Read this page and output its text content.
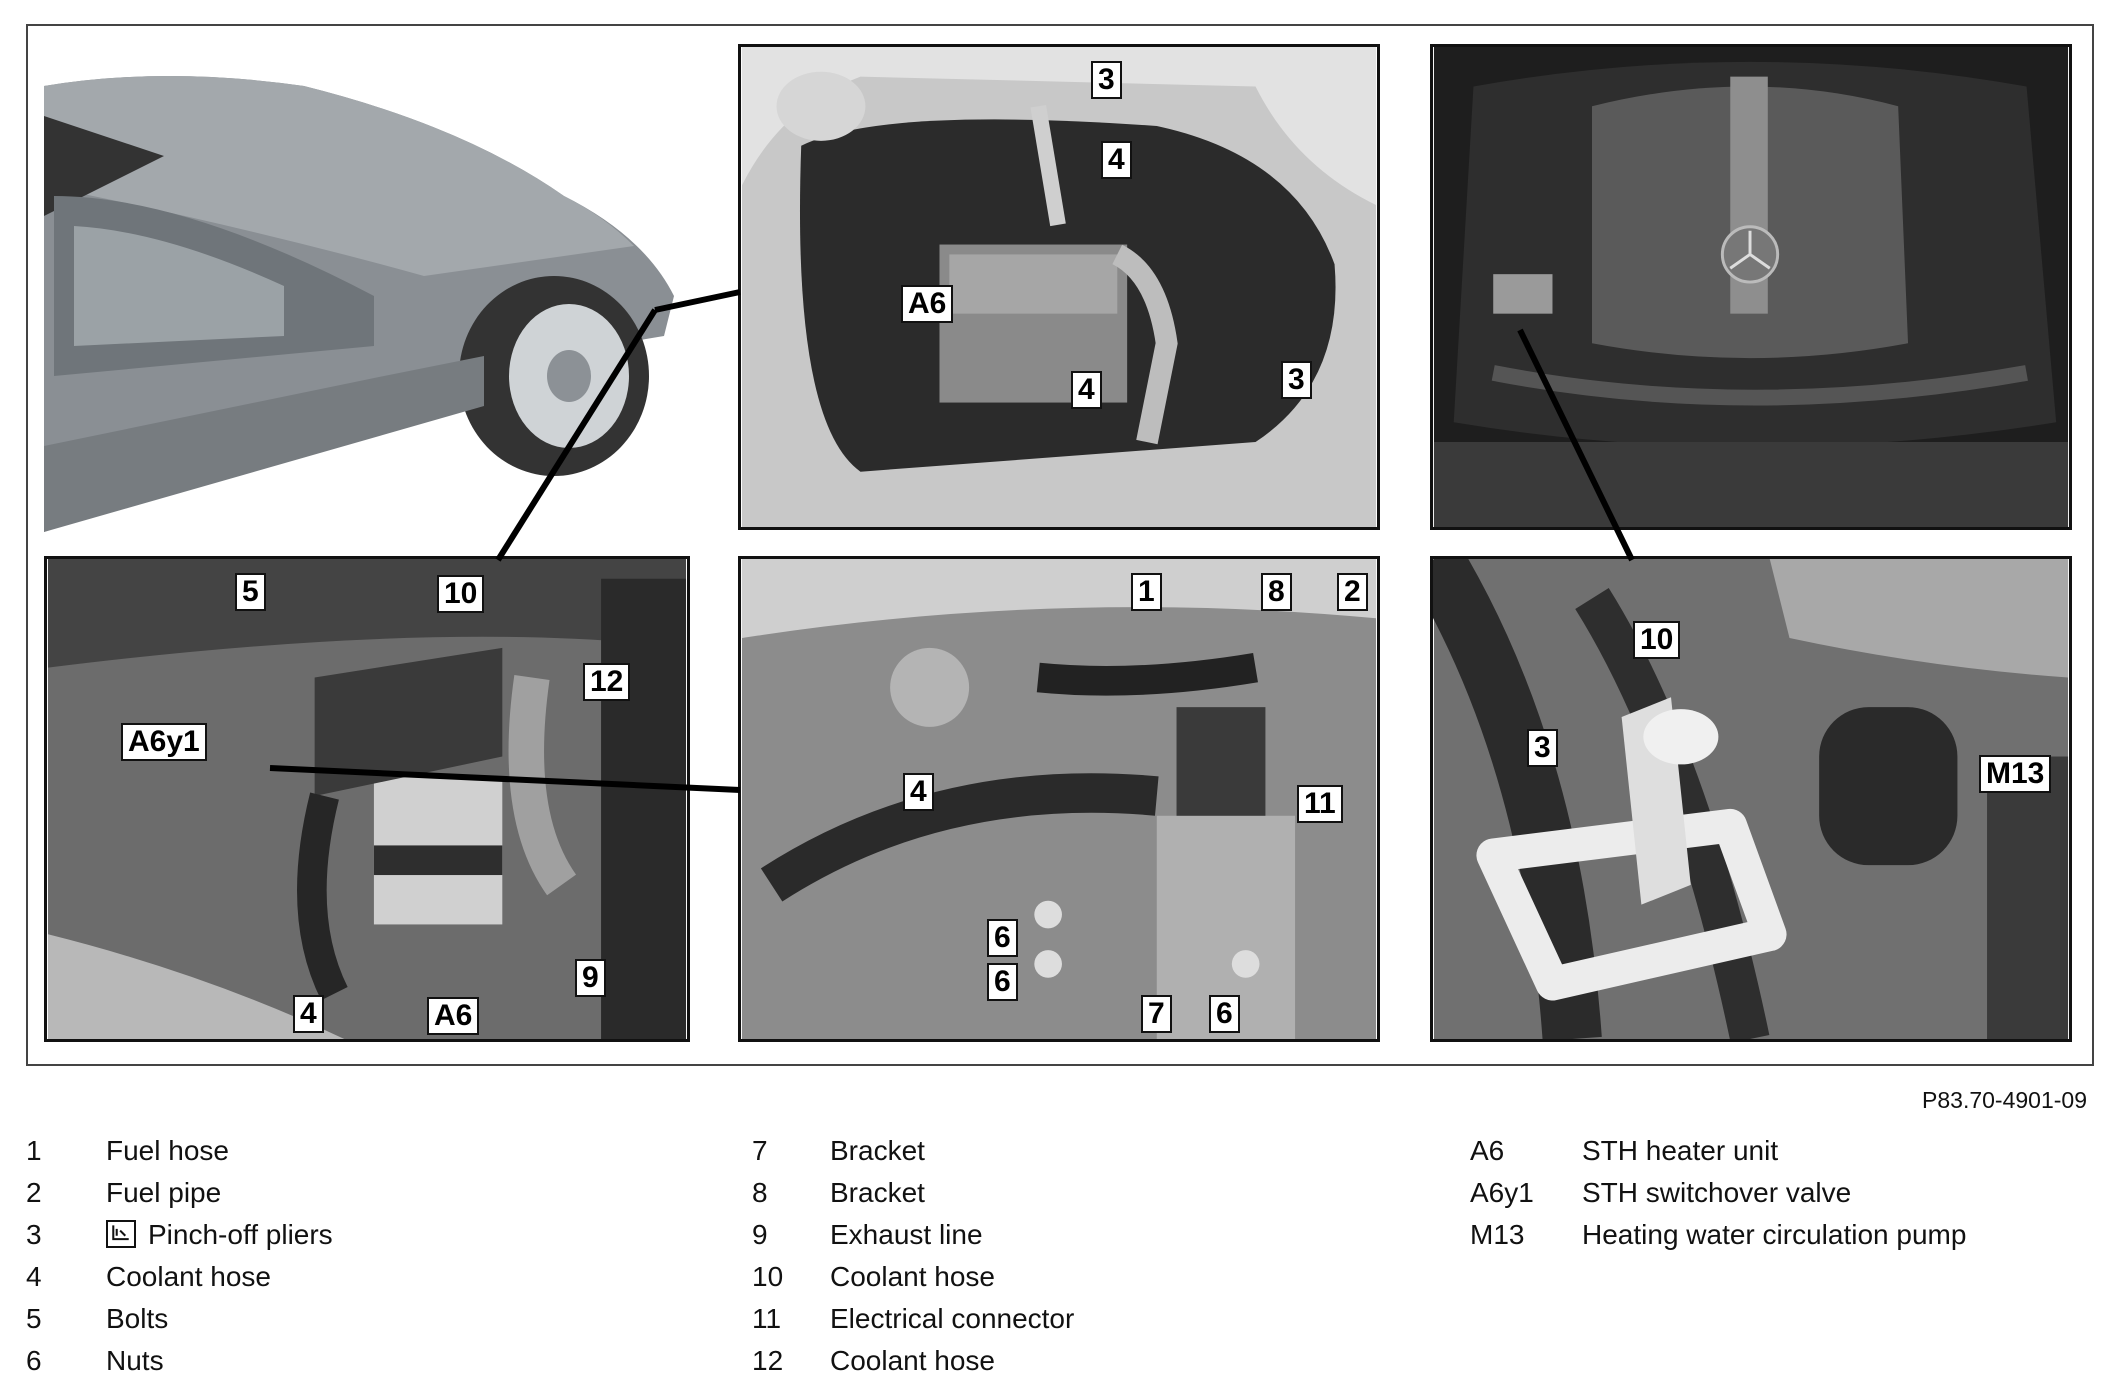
3
4
A6
4	3
5	10
12
A6y1
4	A6
9
1	8 2
4	11
6
6
7 6
10
3
M13
P83.70-4901-09
1 Fuel hose
2 Fuel pipe
3	Pinch-off pliers
4 Coolant hose
5 Bolts
6 Nuts
7 Bracket
8 Bracket
9 Exhaust line
10 Coolant hose
11 Electrical connector
12 Coolant hose
A6	STH heater unit
A6y1 STH switchover valve
M13 Heating water circulation pump
